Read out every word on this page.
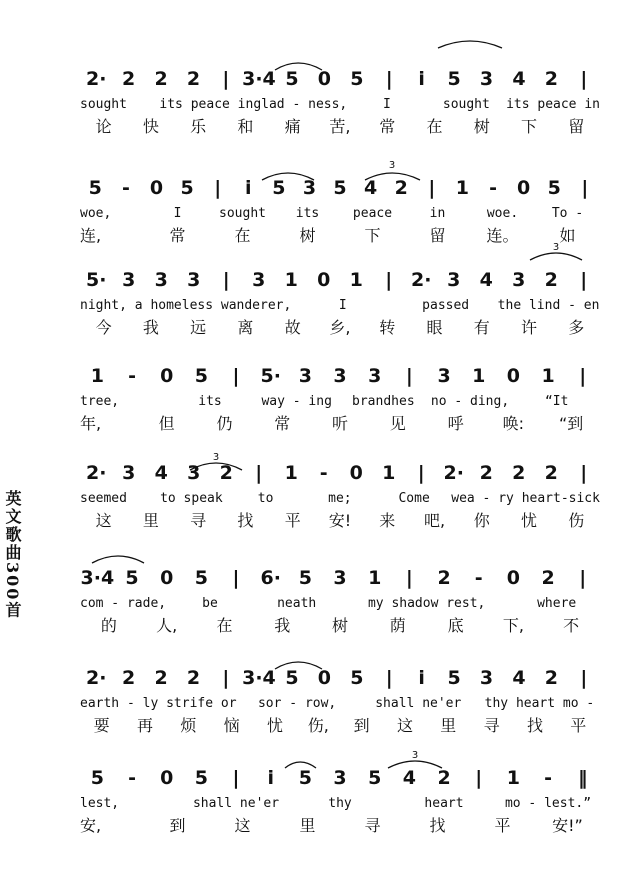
英文歌曲300首
2· 2	2	2	| 3·4 5	0	5	|	i	5	3	4	2	|
sought	its peace in glad - ness,	I	sought	its peace in
论	快	乐	和	痛	苦,	常	在	树	下	留
5	-	0 5	|	i	5 3 5 4 2	|	1	-	0 5	|
woe,	I	sought	its	peace	in	woe.	To -
连,	常	在	树	下	留	连。	如
5· 3	3	3	|	3	1	0	1	| 2· 3	4	3	2	|
night, a homeless wanderer,	I	passed	the lind - en
今	我	远	离	故	乡,	转	眼	有	许	多
1	-	0	5	|	5· 3	3	3	|	3	1	0	1	|
tree,	its	way - ing	brandhes	no - ding,	“It
年,	但	仍	常	听	见	呼	唤:	“到
2· 3	4	3	2	|	1	-	0	1	| 2· 2	2	2	|
seemed	to speak	to	me;	Come	wea - ry heart-sick
这	里	寻	找	平	安!	来	吧,	你	忧	伤
3·4 5	0	5	|	6· 5	3	1	|	2	-	0	2	|
com - rade,	be	neath	my shadow rest,	where
的	人,	在	我	树	荫	底	下,	不
2· 2	2	2	| 3·4 5	0	5	|	i	5	3	4	2	|
earth - ly strife or	sor - row,	shall ne'er	thy heart mo -
要	再	烦	恼	忧	伤,	到	这	里	寻	找	平
5	-	0	5	|	i	5	3	5	4	2	|	1	-	‖
lest,	shall ne'er	thy	heart	mo - lest.”
安,	到	这	里	寻	找	平	安!”
3
3
3
3
